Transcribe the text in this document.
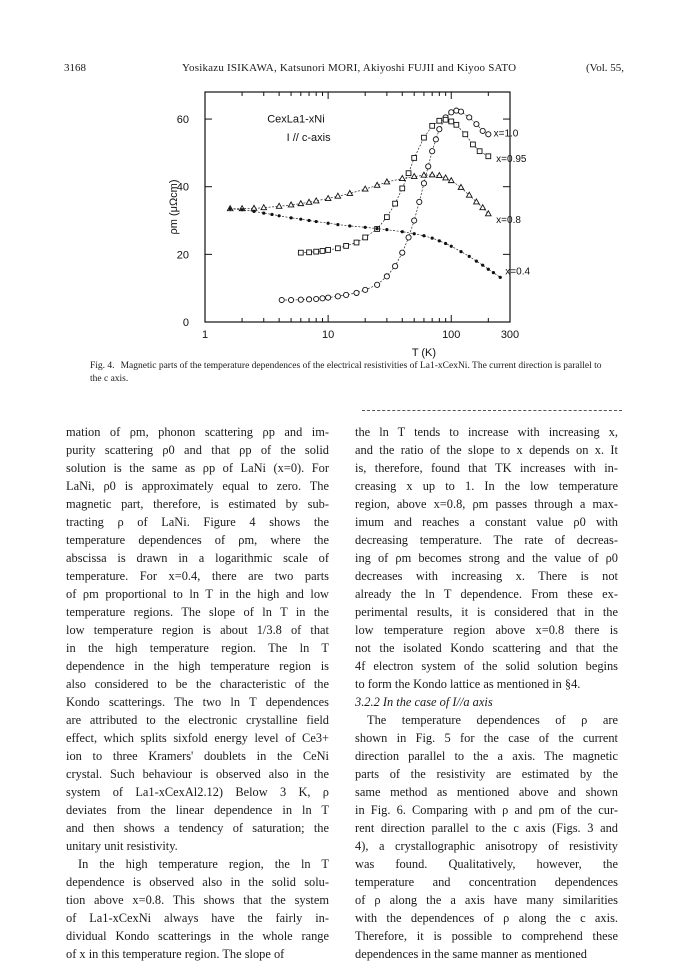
3168	Yosikazu ISIKAWA, Katsunori MORI, Akiyoshi FUJII and Kiyoo SATO	(Vol. 55,
0
20
40
60
1	10	100	300
T (K)
ρm (μΩcm)
CexLa1-xNi
I // c-axis	x=1.0
x=0.95
x=0.8
x=0.4
Fig. 4. Magnetic parts of the temperature dependences of the electrical resistivities of La1-xCexNi. The current direction is parallel to the c axis.
mation of ρm, phonon scattering ρp and im-
purity scattering ρ0 and that ρp of the solid
solution is the same as ρp of LaNi (x=0). For
LaNi, ρ0 is approximately equal to zero. The
magnetic part, therefore, is estimated by sub-
tracting ρ of LaNi. Figure 4 shows the
temperature dependences of ρm, where the
abscissa is drawn in a logarithmic scale of
temperature. For x=0.4, there are two parts
of ρm proportional to ln T in the high and low
temperature regions. The slope of ln T in the
low temperature region is about 1/3.8 of that
in the high temperature region. The ln T
dependence in the high temperature region is
also considered to be the characteristic of the
Kondo scatterings. The two ln T dependences
are attributed to the electronic crystalline field
effect, which splits sixfold energy level of Ce3+
ion to three Kramers' doublets in the CeNi
crystal. Such behaviour is observed also in the
system of La1-xCexAl2.12) Below 3 K, ρ
deviates from the linear dependence in ln T
and then shows a tendency of saturation; the
unitary unit resistivity.
In the high temperature region, the ln T
dependence is observed also in the solid solu-
tion above x=0.8. This shows that the system
of La1-xCexNi always have the fairly in-
dividual Kondo scatterings in the whole range
of x in this temperature region. The slope of
the ln T tends to increase with increasing x,
and the ratio of the slope to x depends on x. It
is, therefore, found that TK increases with in-
creasing x up to 1. In the low temperature
region, above x=0.8, ρm passes through a max-
imum and reaches a constant value ρ0 with
decreasing temperature. The rate of decreas-
ing of ρm becomes strong and the value of ρ0
decreases with increasing x. There is not
already the ln T dependence. From these ex-
perimental results, it is considered that in the
low temperature region above x=0.8 there is
not the isolated Kondo scattering and that the
4f electron system of the solid solution begins
to form the Kondo lattice as mentioned in §4.
3.2.2 In the case of I//a axis
The temperature dependences of ρ are
shown in Fig. 5 for the case of the current
direction parallel to the a axis. The magnetic
parts of the resistivity are estimated by the
same method as mentioned above and shown
in Fig. 6. Comparing with ρ and ρm of the cur-
rent direction parallel to the c axis (Figs. 3 and
4), a crystallographic anisotropy of resistivity
was found. Qualitatively, however, the
temperature and concentration dependences
of ρ along the a axis have many similarities
with the dependences of ρ along the c axis.
Therefore, it is possible to comprehend these
dependences in the same manner as mentioned
